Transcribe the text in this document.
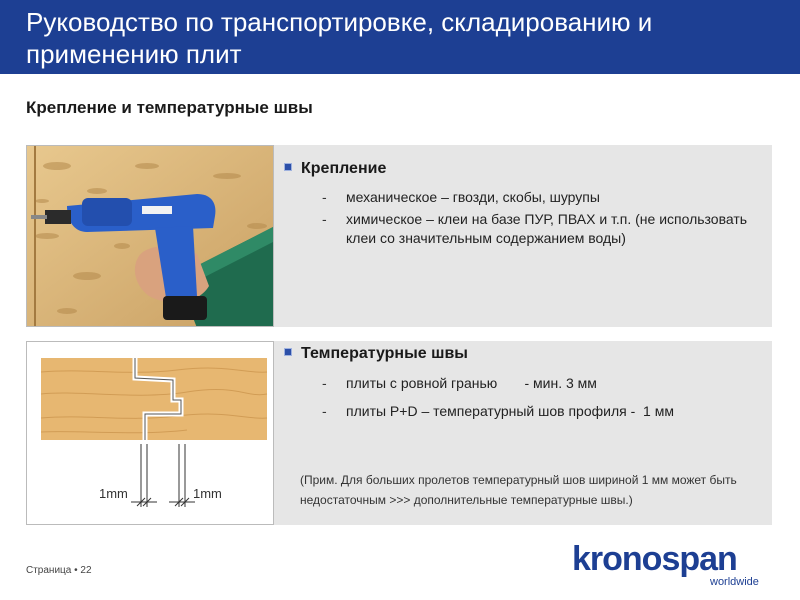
Руководство по транспортировке, складированию и применению плит
Крепление и температурные швы
Крепление
- механическое – гвозди, скобы, шурупы
- химическое – клеи на базе ПУР, ПВАХ и т.п. (не использовать клеи со значительным содержанием воды)
1mm	1mm
Температурные швы
- плиты с ровной гранью       - мин. 3 мм
- плиты P+D – температурный шов профиля -  1 мм
(Прим. Для больших пролетов температурный шов шириной 1 мм может быть недостаточным >>> дополнительные температурные швы.)
Страница • 22	kronospan
worldwide
